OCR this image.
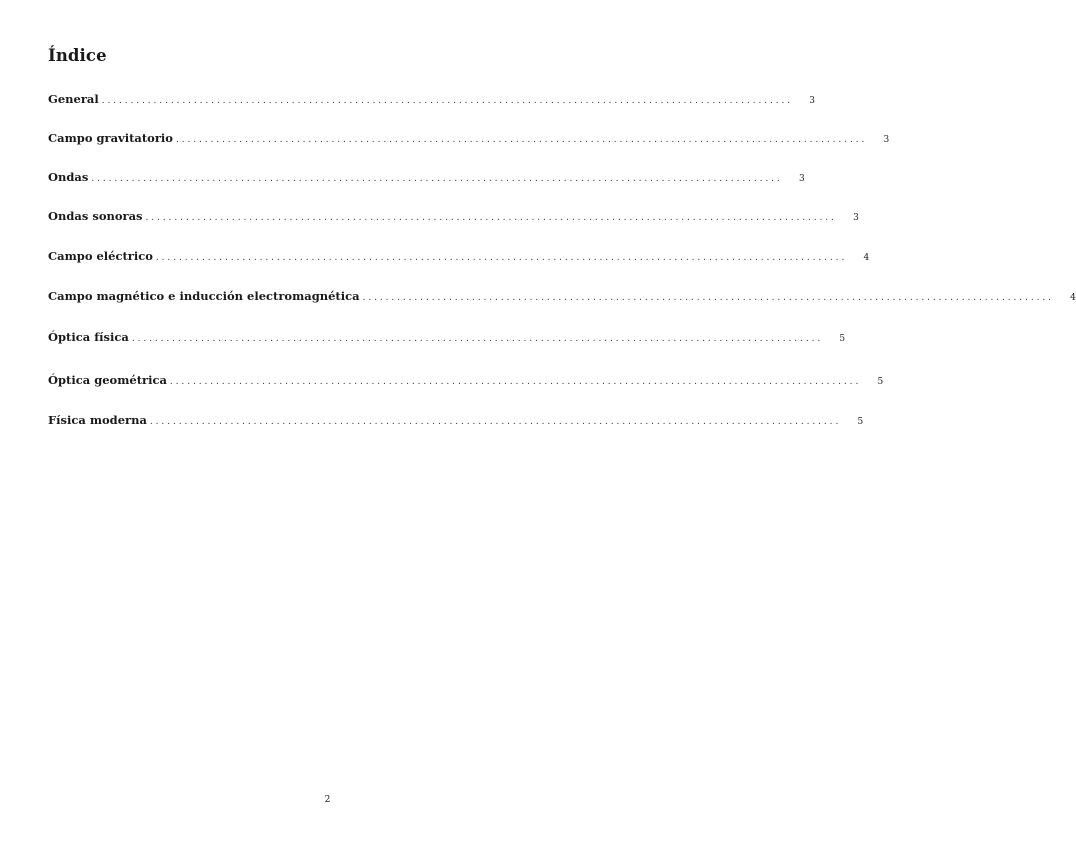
Índice
General ........................................................................................................................	3
Campo gravitatorio ........................................................................................................................	3
Ondas ........................................................................................................................	3
Ondas sonoras ........................................................................................................................	3
Campo eléctrico ........................................................................................................................	4
Campo magnético e inducción electromagnética ........................................................................................................................	4
Óptica física ........................................................................................................................	5
Óptica geométrica ........................................................................................................................	5
Física moderna ........................................................................................................................	5
2
